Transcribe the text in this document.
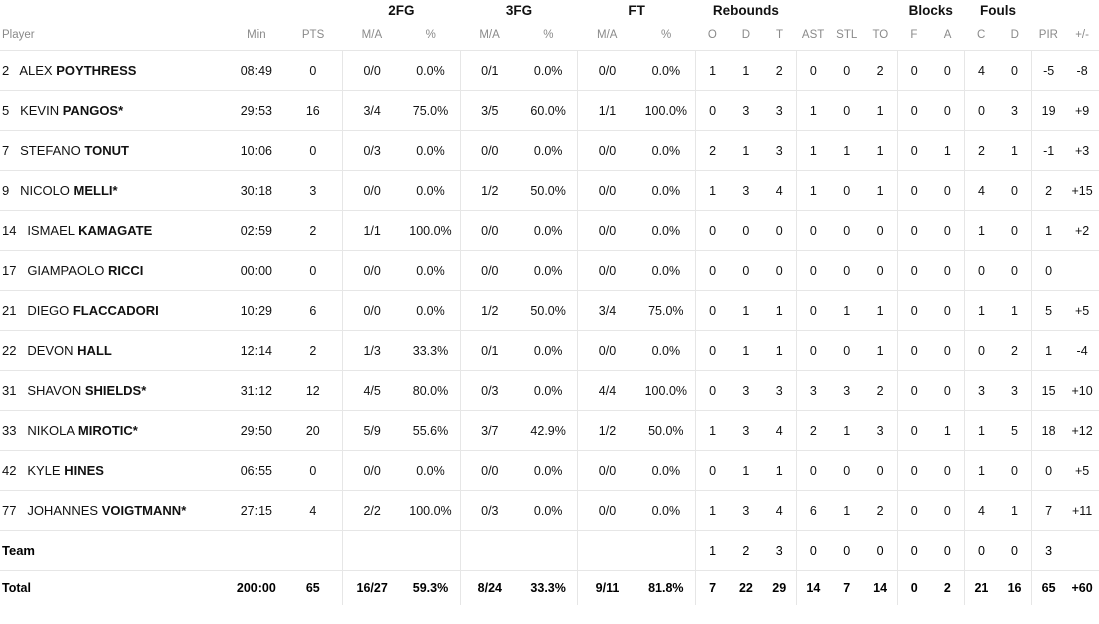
			2FG		3FG		FT		Rebounds						Blocks		Fouls			
Player	Min	PTS	M/A	%	M/A	%	M/A	%	O	D	T	AST	STL	TO	F	A	C	D	PIR	+/-
2 ALEX POYTHRESS	08:49	0	0/0	0.0%	0/1	0.0%	0/0	0.0%	1	1	2	0	0	2	0	0	4	0	-5	-8
5 KEVIN PANGOS*	29:53	16	3/4	75.0%	3/5	60.0%	1/1	100.0%	0	3	3	1	0	1	0	0	0	3	19	+9
7 STEFANO TONUT	10:06	0	0/3	0.0%	0/0	0.0%	0/0	0.0%	2	1	3	1	1	1	0	1	2	1	-1	+3
9 NICOLO MELLI*	30:18	3	0/0	0.0%	1/2	50.0%	0/0	0.0%	1	3	4	1	0	1	0	0	4	0	2	+15
14 ISMAEL KAMAGATE	02:59	2	1/1	100.0%	0/0	0.0%	0/0	0.0%	0	0	0	0	0	0	0	0	1	0	1	+2
17 GIAMPAOLO RICCI	00:00	0	0/0	0.0%	0/0	0.0%	0/0	0.0%	0	0	0	0	0	0	0	0	0	0	0	
21 DIEGO FLACCADORI	10:29	6	0/0	0.0%	1/2	50.0%	3/4	75.0%	0	1	1	0	1	1	0	0	1	1	5	+5
22 DEVON HALL	12:14	2	1/3	33.3%	0/1	0.0%	0/0	0.0%	0	1	1	0	0	1	0	0	0	2	1	-4
31 SHAVON SHIELDS*	31:12	12	4/5	80.0%	0/3	0.0%	4/4	100.0%	0	3	3	3	3	2	0	0	3	3	15	+10
33 NIKOLA MIROTIC*	29:50	20	5/9	55.6%	3/7	42.9%	1/2	50.0%	1	3	4	2	1	3	0	1	1	5	18	+12
42 KYLE HINES	06:55	0	0/0	0.0%	0/0	0.0%	0/0	0.0%	0	1	1	0	0	0	0	0	1	0	0	+5
77 JOHANNES VOIGTMANN*	27:15	4	2/2	100.0%	0/3	0.0%	0/0	0.0%	1	3	4	6	1	2	0	0	4	1	7	+11
Team									1	2	3	0	0	0	0	0	0	0	3	
Total	200:00	65	16/27	59.3%	8/24	33.3%	9/11	81.8%	7	22	29	14	7	14	0	2	21	16	65	+60
